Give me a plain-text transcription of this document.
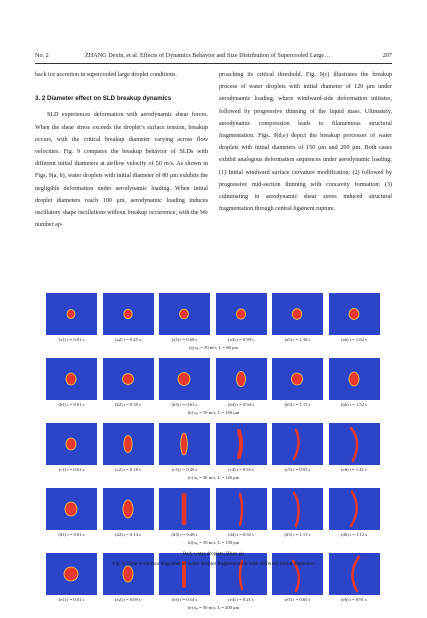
No. 2	ZHANG Dexin, et al. Effects of Dynamics Behavior and Size Distribution of Supercooled Large…	207

back ice accretion in supercooled large droplet conditions.

3. 2 Diameter effect on SLD breakup dynamics

SLD experiences deformation with aerodynamic shear forces. When the shear stress exceeds the droplet’s surface tension, breakup occurs, with the critical breakup diameter varying across flow velocities. Fig. 9 compares the breakup behavior of SLDs with different initial diameters at airflow velocity of 50 m/s. As shown in Figs. 9(a, b), water droplets with initial diameter of 80 μm exhibits the negligible deformation under aerodynamic loading. When initial droplet diameters reach 100 μm, aerodynamic loading induces oscillatory shape oscillations without breakup occurrence, with the We number ap-

proaching its critical threshold. Fig. 9(c) illustrates the breakup process of water droplets with initial diameter of 120 μm under aerodynamic loading, where windward-side deformation initiates, followed by progressive thinning of the liquid mass. Ultimately, aerodynamic compression leads to filamentous structural fragmentation. Figs. 9(d,e) depict the breakup processes of water droplets with initial diameters of 150 μm and 200 μm. Both cases exhibit analogous deformation sequences under aerodynamic loading: (1) Initial windward surface curvature modification; (2) followed by progressive mid-section thinning with concavity formation; (3) culminating in aerodynamic shear stress induced structural fragmentation through central ligament rupture.

(a1) t = 0.01 s	(a2) t = 0.45 s	(a3) t = 0.68 s	(a4) t = 0.98 s	(a5) t = 1.38 s	(a6) t = 1.62 s
(a) u₀ = 50 m/s, L = 80 μm
(b1) t = 0.01 s	(b2) t = 0.39 s	(b3) t = 0.63 s	(b4) t = 0.94 s	(b5) t = 1.13 s	(b6) t = 1.52 s
(b) u₀ = 50 m/s, L = 100 μm
(c1) t = 0.01 s	(c2) t = 0.18 s	(c3) t = 0.48 s	(c4) t = 0.55 s	(c5) t = 0.93 s	(c6) t = 1.41 s
(c) u₀ = 50 m/s, L = 120 μm
(d1) t = 0.01 s	(d2) t = 0.13 s	(d3) t = 0.48 s	(d4) t = 0.92 s	(d5) t = 1.13 s	(d6) t = 1.12 s
(d) u₀ = 50 m/s, L = 150 μm
(e1) t = 0.01 s	(e2) t = 0.09 s	(e3) t = 0.14 s	(e4) t = 0.21 s	(e5) t = 0.65 s	(e6) t = 0.91 s
(e) u₀ = 50 m/s, L = 200 μm
Red: water droplets; Blue: air
Fig. 9 Time evolution diagrams of water droplet fragmentation with different initial diameters
